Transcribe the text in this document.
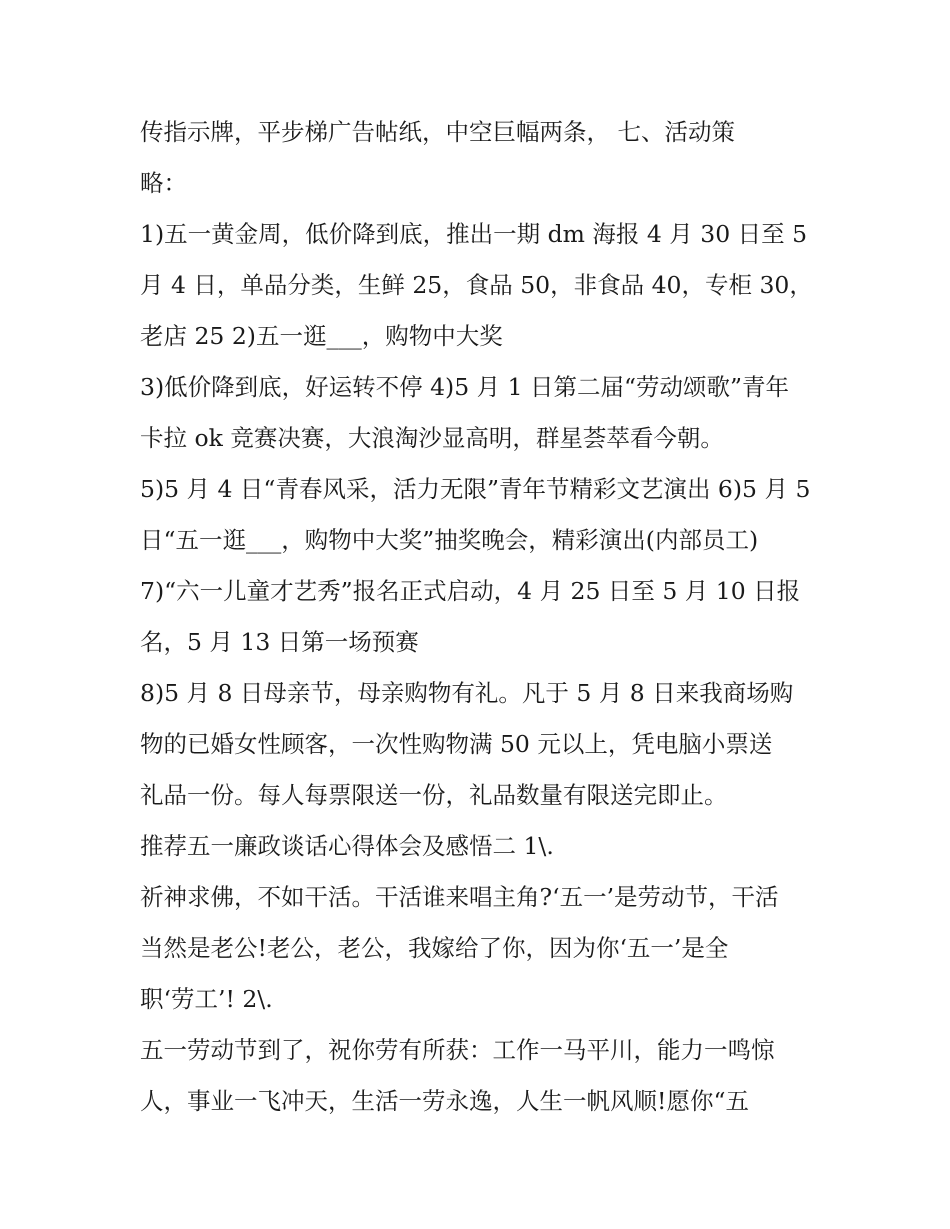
传指示牌，平步梯广告帖纸，中空巨幅两条， 七、活动策
略：
1)五一黄金周，低价降到底，推出一期 dm 海报 4 月 30 日至 5
月 4 日，单品分类，生鲜 25，食品 50，非食品 40，专柜 30，
老店 25 2)五一逛___，购物中大奖
3)低价降到底，好运转不停 4)5 月 1 日第二届“劳动颂歌”青年
卡拉 ok 竞赛决赛，大浪淘沙显高明，群星荟萃看今朝。
5)5 月 4 日“青春风采，活力无限”青年节精彩文艺演出 6)5 月 5
日“五一逛___，购物中大奖”抽奖晚会，精彩演出(内部员工)
7)“六一儿童才艺秀”报名正式启动，4 月 25 日至 5 月 10 日报
名，5 月 13 日第一场预赛
8)5 月 8 日母亲节，母亲购物有礼。凡于 5 月 8 日来我商场购
物的已婚女性顾客，一次性购物满 50 元以上，凭电脑小票送
礼品一份。每人每票限送一份，礼品数量有限送完即止。
推荐五一廉政谈话心得体会及感悟二 1\.
祈神求佛，不如干活。干活谁来唱主角?‘五一’是劳动节，干活
当然是老公!老公，老公，我嫁给了你，因为你‘五一’是全
职‘劳工’! 2\.
五一劳动节到了，祝你劳有所获：工作一马平川，能力一鸣惊
人，事业一飞冲天，生活一劳永逸，人生一帆风顺!愿你“五
